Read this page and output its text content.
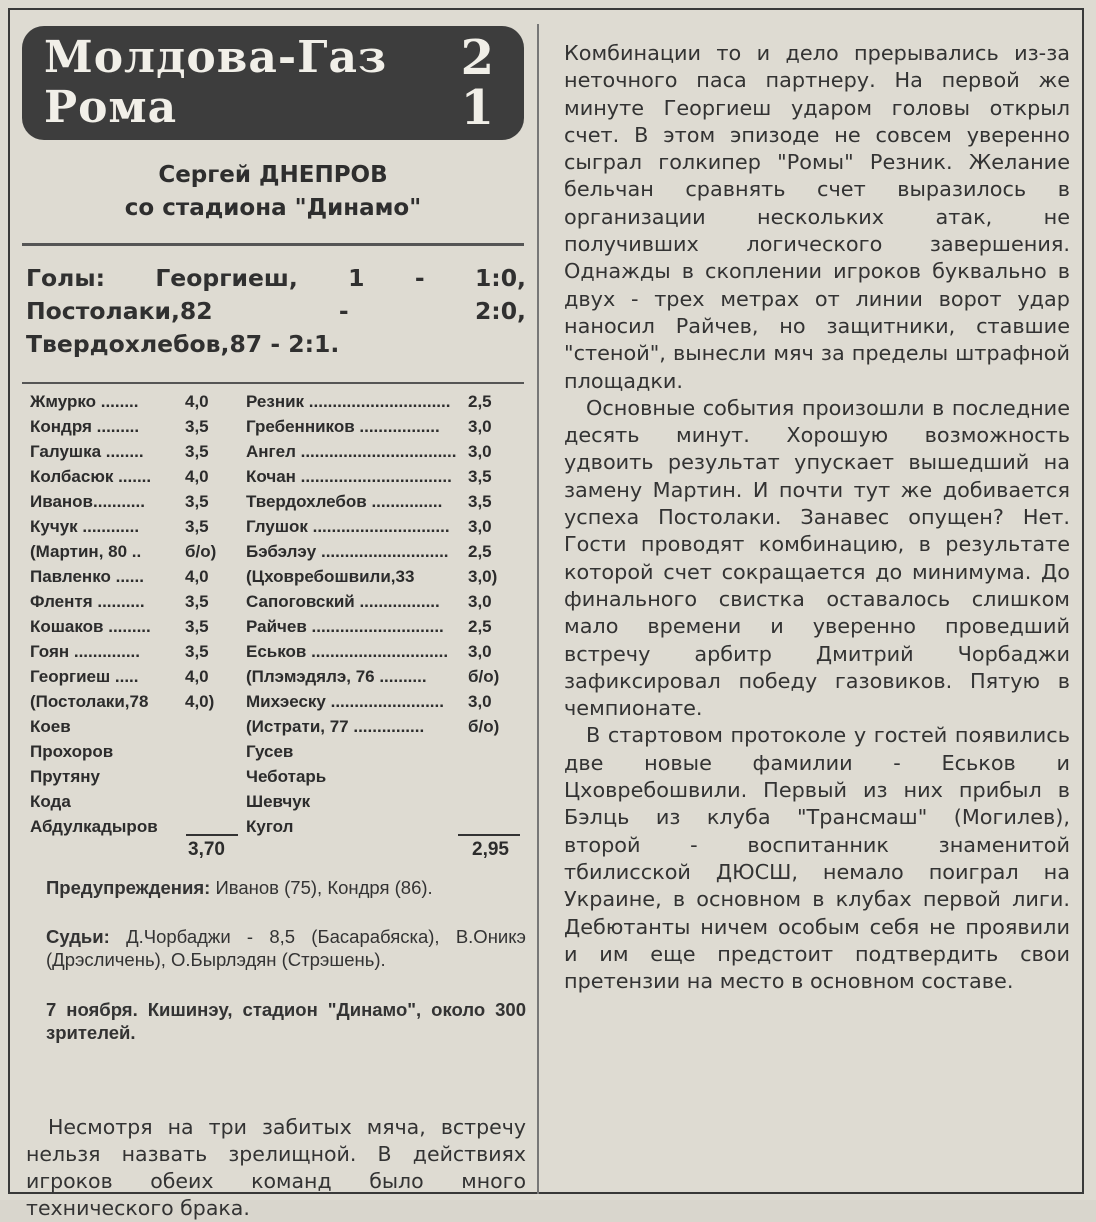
Молдова-Газ 2
Рома	1
Сергей ДНЕПРОВ
со стадиона "Динамо"
Голы: Георгиеш, 1 - 1:0, Постолаки,82 - 2:0, Твердохлебов,87 - 2:1.
Жмурко ........	4,0
Кондря .........	3,5
Галушка ........ 3,5
Колбасюк ....... 4,0
Иванов........... 3,5
Кучук ............	3,5
(Мартин, 80 ..	б/о)
Павленко ...... 4,0
Флентя .......... 3,5
Кошаков ......... 3,5
Гоян ..............	3,5
Георгиеш .....	4,0
(Постолаки,78 4,0)
Коев
Прохоров
Прутяну
Кода
Абдулкадыров
Резник .............................. 2,5
Гребенников ................. 3,0
Ангел ................................. 3,0
Кочан ................................ 3,5
Твердохлебов ............... 3,5
Глушок ............................. 3,0
Бэбэлэу ........................... 2,5
(Цховребошвили,33	3,0)
Сапоговский ................. 3,0
Райчев ............................ 2,5
Еськов ............................. 3,0
(Плэмэдялэ, 76 .......... б/о)
Михэеску ........................ 3,0
(Истрати, 77 ...............	б/о)
Гусев
Чеботарь
Шевчук
Кугол
3,70	2,95
Предупреждения: Иванов (75), Кондря (86).
Судьи: Д.Чорбаджи - 8,5 (Басарабяска), В.Оникэ (Дрэсличень), О.Бырлэдян (Стрэшень).
7 ноября. Кишинэу, стадион "Динамо", около 300 зрителей.
Несмотря на три забитых мяча, встречу нельзя назвать зрелищной. В действиях игроков обеих команд было много технического брака.

Комбинации то и дело прерывались из-за неточного паса партнеру. На первой же минуте Георгиеш ударом головы открыл счет. В этом эпизоде не совсем уверенно сыграл голкипер "Ромы" Резник. Желание бельчан сравнять счет выразилось в организации нескольких атак, не получивших логического завершения. Однажды в скоплении игроков буквально в двух - трех метрах от линии ворот удар наносил Райчев, но защитники, ставшие "стеной", вынесли мяч за пределы штрафной площадки.

Основные события произошли в последние десять минут. Хорошую возможность удвоить результат упускает вышедший на замену Мартин. И почти тут же добивается успеха Постолаки. Занавес опущен? Нет. Гости проводят комбинацию, в результате которой счет сокращается до минимума. До финального свистка оставалось слишком мало времени и уверенно проведший встречу арбитр Дмитрий Чорбаджи зафиксировал победу газовиков. Пятую в чемпионате.

В стартовом протоколе у гостей появились две новые фамилии - Еськов и Цховребошвили. Первый из них прибыл в Бэлць из клуба "Трансмаш" (Могилев), второй - воспитанник знаменитой тбилисской ДЮСШ, немало поиграл на Украине, в основном в клубах первой лиги. Дебютанты ничем особым себя не проявили и им еще предстоит подтвердить свои претензии на место в основном составе.
